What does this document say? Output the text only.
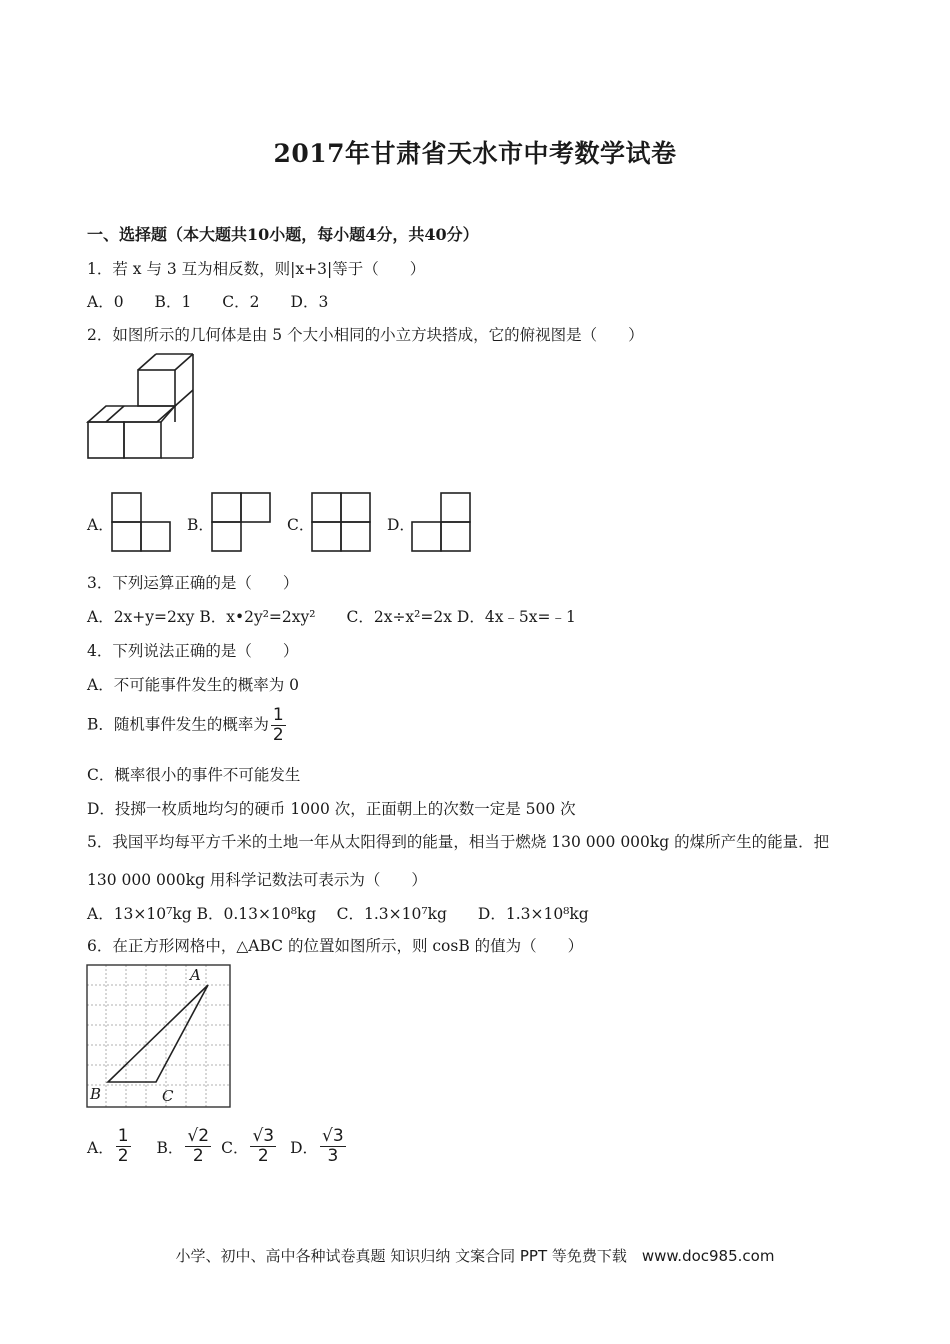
2017年甘肃省天水市中考数学试卷
一、选择题（本大题共10小题，每小题4分，共40分）
1．若 x 与 3 互为相反数，则|x+3|等于（　　）
A．0　　B．1　　C．2　　D．3
2．如图所示的几何体是由 5 个大小相同的小立方块搭成，它的俯视图是（　　）
A．	B．	C．	D．
3．下列运算正确的是（　　）
A．2x+y=2xy B．x•2y²=2xy²　　C．2x÷x²=2x D．4x﹣5x=﹣1
4．下列说法正确的是（　　）
A．不可能事件发生的概率为 0
B．随机事件发生的概率为 $\frac{1}{2}$
C．概率很小的事件不可能发生
D．投掷一枚质地均匀的硬币 1000 次，正面朝上的次数一定是 500 次
5．我国平均每平方千米的土地一年从太阳得到的能量，相当于燃烧 130 000 000kg 的煤所产生的能量．把
130 000 000kg 用科学记数法可表示为（　　）
A．13×10⁷kg B．0.13×10⁸kg　 C．1.3×10⁷kg　　D．1.3×10⁸kg
6．在正方形网格中，△ABC 的位置如图所示，则 cosB 的值为（　　）
A
B	C
A． $\frac{1}{2}$ B． $\frac{√2}{2}$ C． $\frac{√3}{2}$ D． $\frac{√3}{3}$
小学、初中、高中各种试卷真题 知识归纳 文案合同 PPT 等免费下载　www.doc985.com
